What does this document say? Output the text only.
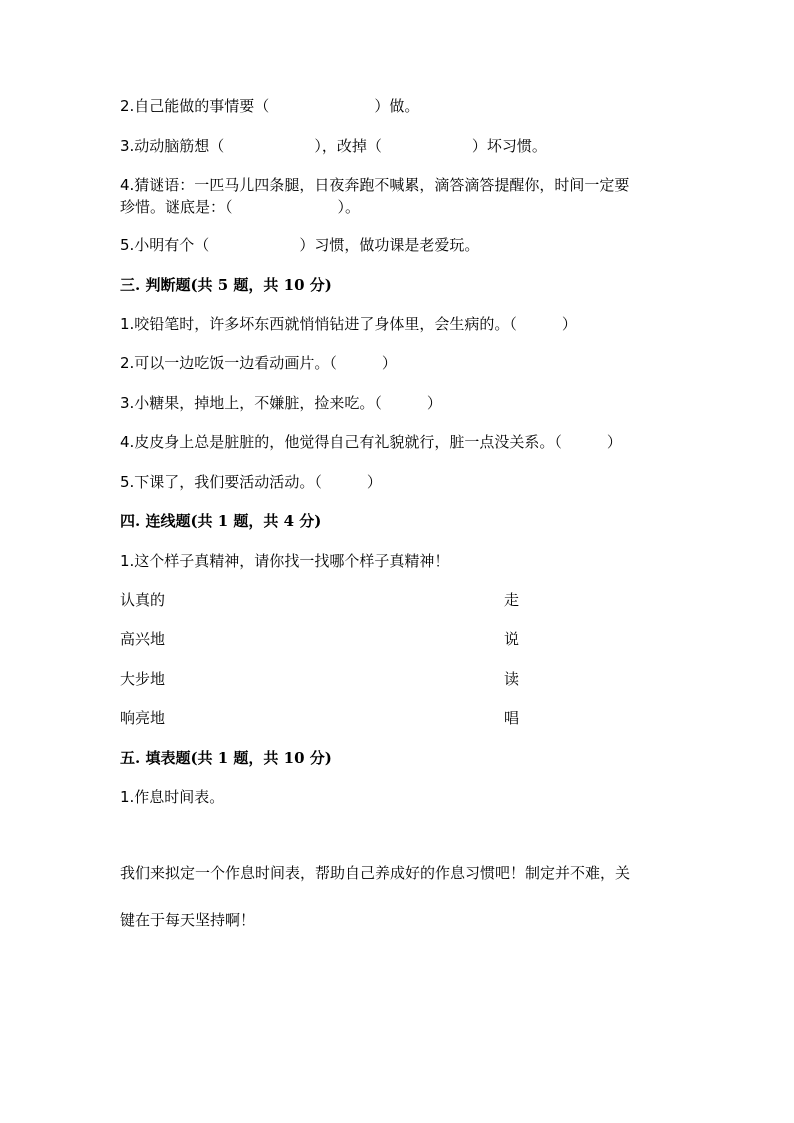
2.自己能做的事情要（　　　　　　　）做。
3.动动脑筋想（　　　　　　），改掉（　　　　　　）坏习惯。
4.猜谜语：一匹马儿四条腿，日夜奔跑不喊累，滴答滴答提醒你，时间一定要
珍惜。谜底是：（　　　　　　　）。
5.小明有个（　　　　　　）习惯，做功课是老爱玩。
三. 判断题(共 5 题，共 10 分)
1.咬铅笔时，许多坏东西就悄悄钻进了身体里，会生病的。（　　　）
2.可以一边吃饭一边看动画片。（　　　）
3.小糖果，掉地上，不嫌脏，捡来吃。（　　　）
4.皮皮身上总是脏脏的，他觉得自己有礼貌就行，脏一点没关系。（　　　）
5.下课了，我们要活动活动。（　　　）
四. 连线题(共 1 题，共 4 分)
1.这个样子真精神，请你找一找哪个样子真精神！
认真的	走
高兴地	说
大步地	读
响亮地	唱
五. 填表题(共 1 题，共 10 分)
1.作息时间表。
我们来拟定一个作息时间表，帮助自己养成好的作息习惯吧！制定并不难，关
键在于每天坚持啊！
